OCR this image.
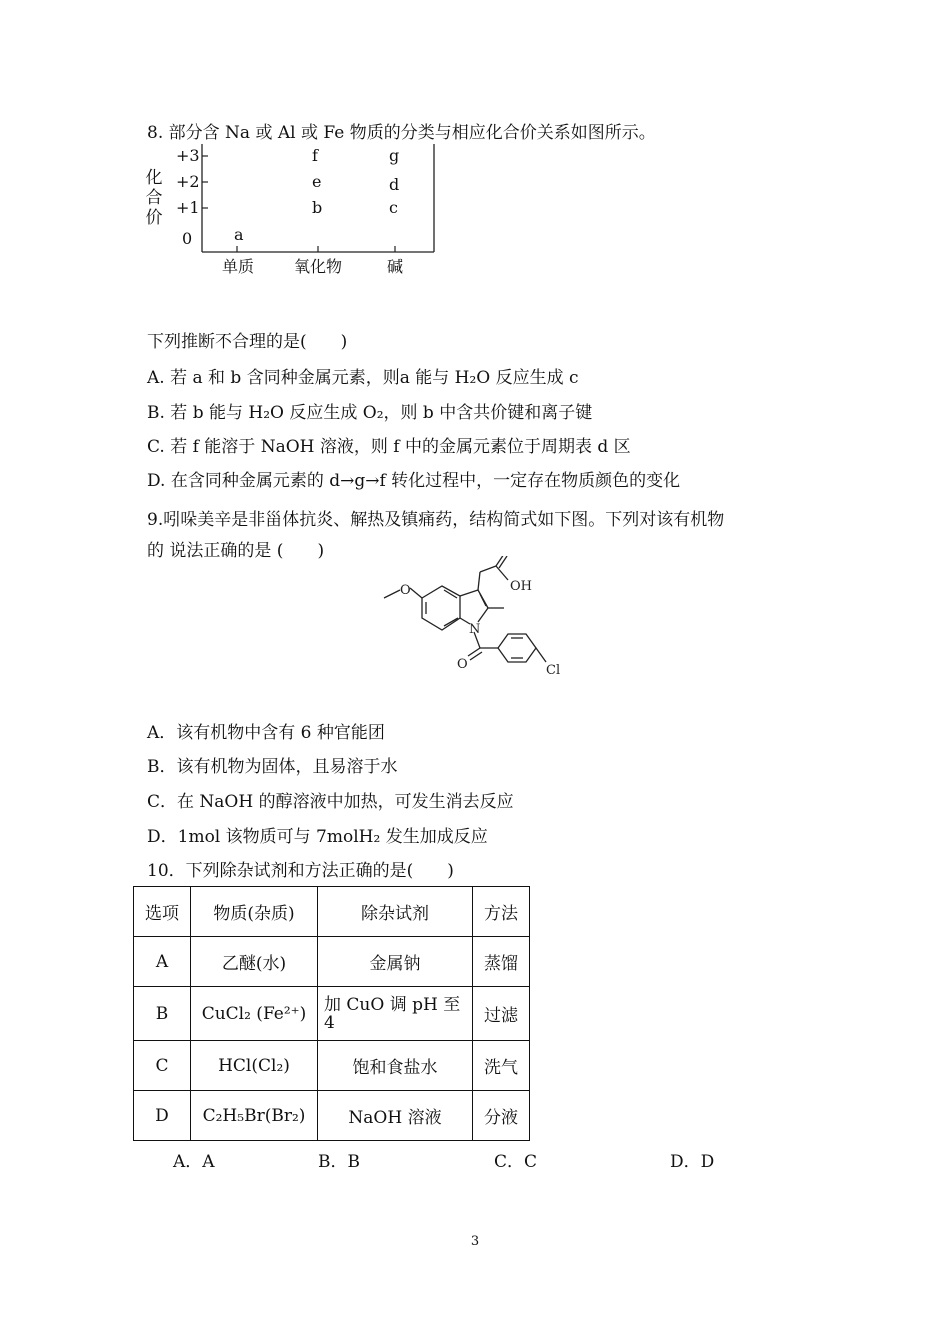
8. 部分含 Na 或 Al 或 Fe 物质的分类与相应化合价关系如图所示。
化合价
+3
+2
+1
0	a
f
e
b
g
d
c
单质 氧化物	碱
下列推断不合理的是(　　)
A. 若 a 和 b 含同种金属元素，则a 能与 H₂O 反应生成 c
B. 若 b 能与 H₂O 反应生成 O₂，则 b 中含共价键和离子键
C. 若 f 能溶于 NaOH 溶液，则 f 中的金属元素位于周期表 d 区
D. 在含同种金属元素的 d→g→f 转化过程中，一定存在物质颜色的变化
9.吲哚美辛是非甾体抗炎、解热及镇痛药，结构简式如下图。下列对该有机物
的 说法正确的是 (　　)
O	OH
N
O	Cl
A．该有机物中含有 6 种官能团
B．该有机物为固体，且易溶于水
C．在 NaOH 的醇溶液中加热，可发生消去反应
D．1mol 该物质可与 7molH₂ 发生加成反应
10．下列除杂试剂和方法正确的是(　　)
选项	物质(杂质)	除杂试剂	方法
A	乙醚(水)	金属钠	蒸馏
B	CuCl₂ (Fe²⁺)	加 CuO 调 pH 至 4	过滤
C	HCl(Cl₂)	饱和食盐水	洗气
D	C₂H₅Br(Br₂)	NaOH 溶液	分液
A．A	B．B	C．C	D．D
3
